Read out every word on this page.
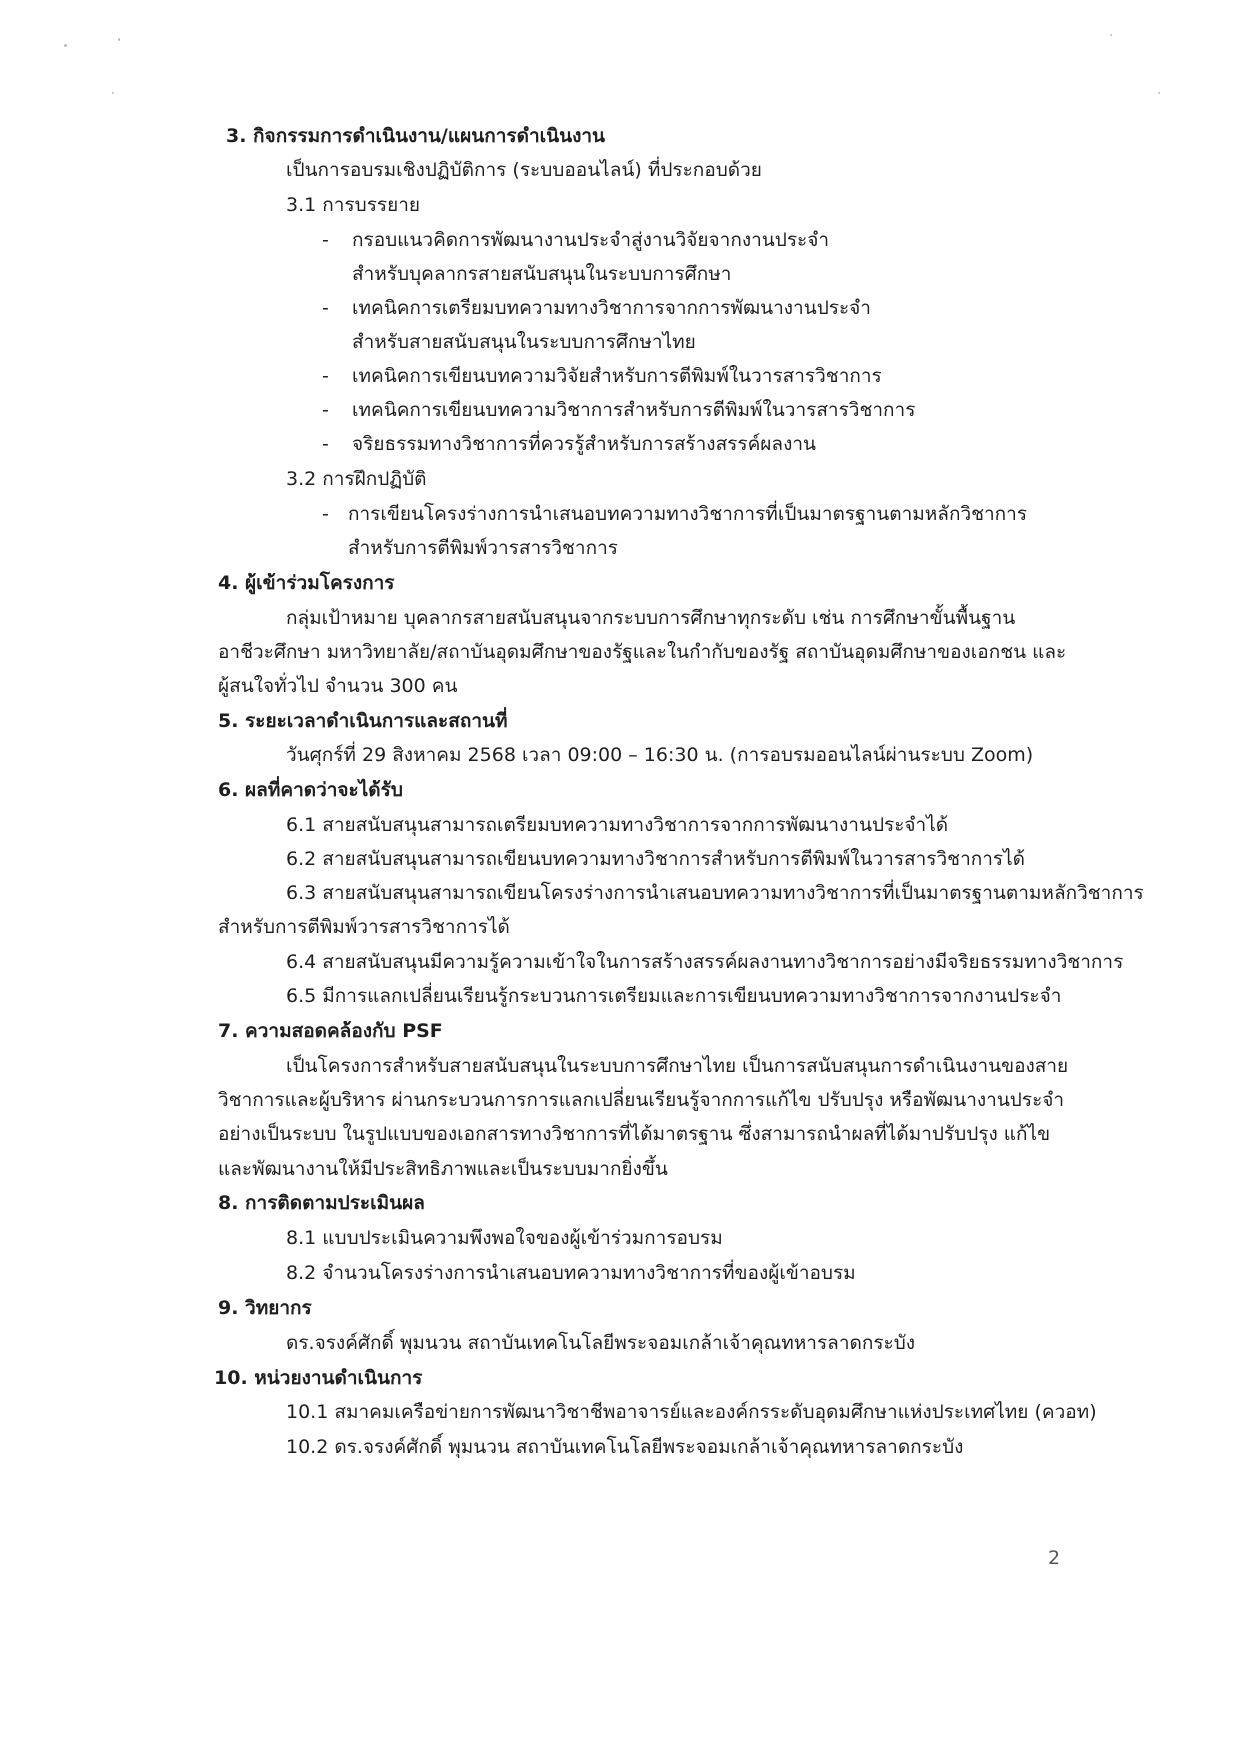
3. กิจกรรมการดำเนินงาน/แผนการดำเนินงาน
เป็นการอบรมเชิงปฏิบัติการ (ระบบออนไลน์) ที่ประกอบด้วย
3.1 การบรรยาย
- กรอบแนวคิดการพัฒนางานประจำสู่งานวิจัยจากงานประจำ
สำหรับบุคลากรสายสนับสนุนในระบบการศึกษา
- เทคนิคการเตรียมบทความทางวิชาการจากการพัฒนางานประจำ
สำหรับสายสนับสนุนในระบบการศึกษาไทย
- เทคนิคการเขียนบทความวิจัยสำหรับการตีพิมพ์ในวารสารวิชาการ
- เทคนิคการเขียนบทความวิชาการสำหรับการตีพิมพ์ในวารสารวิชาการ
- จริยธรรมทางวิชาการที่ควรรู้สำหรับการสร้างสรรค์ผลงาน
3.2 การฝึกปฏิบัติ
- การเขียนโครงร่างการนำเสนอบทความทางวิชาการที่เป็นมาตรฐานตามหลักวิชาการ
สำหรับการตีพิมพ์วารสารวิชาการ
4. ผู้เข้าร่วมโครงการ
กลุ่มเป้าหมาย บุคลากรสายสนับสนุนจากระบบการศึกษาทุกระดับ เช่น การศึกษาขั้นพื้นฐาน
อาชีวะศึกษา มหาวิทยาลัย/สถาบันอุดมศึกษาของรัฐและในกำกับของรัฐ สถาบันอุดมศึกษาของเอกชน และ
ผู้สนใจทั่วไป จำนวน 300 คน
5. ระยะเวลาดำเนินการและสถานที่
วันศุกร์ที่ 29 สิงหาคม 2568 เวลา 09:00 – 16:30 น. (การอบรมออนไลน์ผ่านระบบ Zoom)
6. ผลที่คาดว่าจะได้รับ
6.1 สายสนับสนุนสามารถเตรียมบทความทางวิชาการจากการพัฒนางานประจำได้
6.2 สายสนับสนุนสามารถเขียนบทความทางวิชาการสำหรับการตีพิมพ์ในวารสารวิชาการได้
6.3 สายสนับสนุนสามารถเขียนโครงร่างการนำเสนอบทความทางวิชาการที่เป็นมาตรฐานตามหลักวิชาการ
สำหรับการตีพิมพ์วารสารวิชาการได้
6.4 สายสนับสนุนมีความรู้ความเข้าใจในการสร้างสรรค์ผลงานทางวิชาการอย่างมีจริยธรรมทางวิชาการ
6.5 มีการแลกเปลี่ยนเรียนรู้กระบวนการเตรียมและการเขียนบทความทางวิชาการจากงานประจำ
7. ความสอดคล้องกับ PSF
เป็นโครงการสำหรับสายสนับสนุนในระบบการศึกษาไทย เป็นการสนับสนุนการดำเนินงานของสาย
วิชาการและผู้บริหาร ผ่านกระบวนการการแลกเปลี่ยนเรียนรู้จากการแก้ไข ปรับปรุง หรือพัฒนางานประจำ
อย่างเป็นระบบ ในรูปแบบของเอกสารทางวิชาการที่ได้มาตรฐาน ซึ่งสามารถนำผลที่ได้มาปรับปรุง แก้ไข
และพัฒนางานให้มีประสิทธิภาพและเป็นระบบมากยิ่งขึ้น
8. การติดตามประเมินผล
8.1 แบบประเมินความพึงพอใจของผู้เข้าร่วมการอบรม
8.2 จำนวนโครงร่างการนำเสนอบทความทางวิชาการที่ของผู้เข้าอบรม
9. วิทยากร
ดร.จรงค์ศักดิ์ พุมนวน สถาบันเทคโนโลยีพระจอมเกล้าเจ้าคุณทหารลาดกระบัง
10. หน่วยงานดำเนินการ
10.1 สมาคมเครือข่ายการพัฒนาวิชาชีพอาจารย์และองค์กรระดับอุดมศึกษาแห่งประเทศไทย (ควอท)
10.2 ดร.จรงค์ศักดิ์ พุมนวน สถาบันเทคโนโลยีพระจอมเกล้าเจ้าคุณทหารลาดกระบัง
2
